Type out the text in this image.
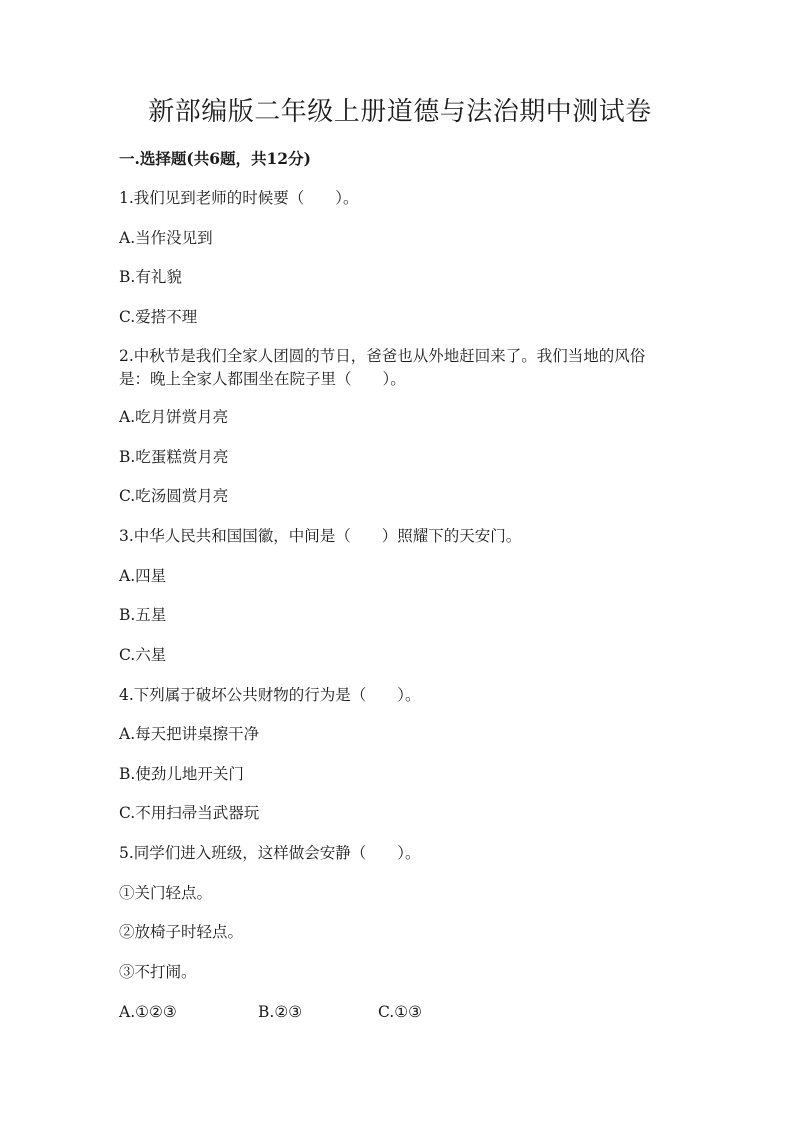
新部编版二年级上册道德与法治期中测试卷
一.选择题(共6题，共12分)
1.我们见到老师的时候要（　　）。
A.当作没见到
B.有礼貌
C.爱搭不理
2.中秋节是我们全家人团圆的节日，爸爸也从外地赶回来了。我们当地的风俗
是：晚上全家人都围坐在院子里（　　）。
A.吃月饼赏月亮
B.吃蛋糕赏月亮
C.吃汤圆赏月亮
3.中华人民共和国国徽，中间是（　　）照耀下的天安门。
A.四星
B.五星
C.六星
4.下列属于破坏公共财物的行为是（　　）。
A.每天把讲桌擦干净
B.使劲儿地开关门
C.不用扫帚当武器玩
5.同学们进入班级，这样做会安静（　　）。
①关门轻点。
②放椅子时轻点。
③不打闹。
A.①②③	B.②③	C.①③
